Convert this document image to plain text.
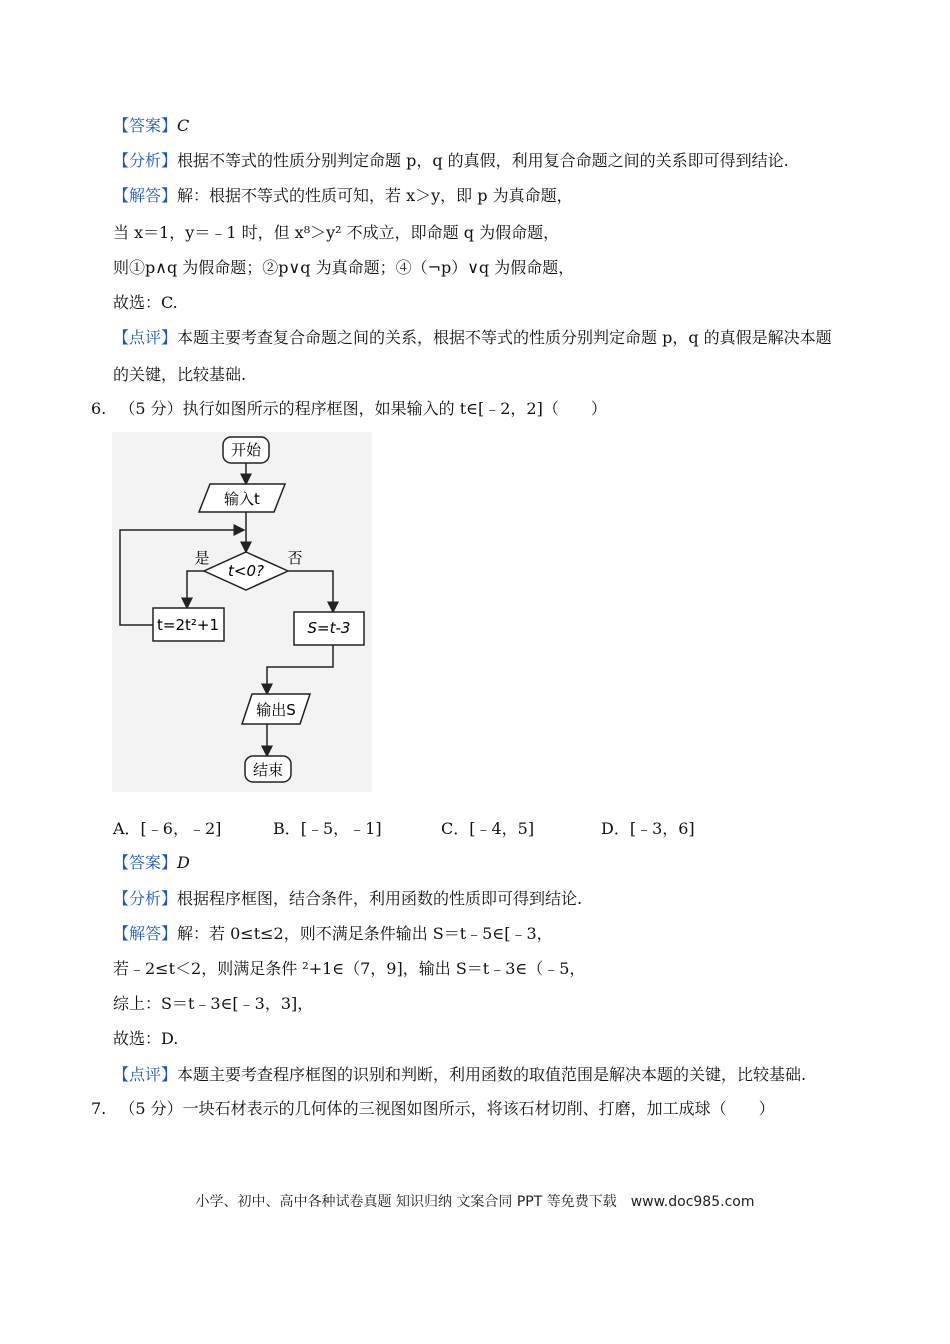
【答案】C
【分析】根据不等式的性质分别判定命题 p，q 的真假，利用复合命题之间的关系即可得到结论.
【解答】解：根据不等式的性质可知，若 x＞y，即 p 为真命题，
当 x＝1，y＝﹣1 时，但 x⁸＞y² 不成立，即命题 q 为假命题，
则①p∧q 为假命题；②p∨q 为真命题；④（¬p）∨q 为假命题，
故选：C.
【点评】本题主要考查复合命题之间的关系，根据不等式的性质分别判定命题 p，q 的真假是解决本题
的关键，比较基础.
6. （5 分）执行如图所示的程序框图，如果输入的 t∈[﹣2，2]（　　）
开始
输入t
t<0?
是	否
t=2t²+1	S=t-3
输出S
结束
A．[﹣6，﹣2]	B．[﹣5，﹣1]	C．[﹣4，5]	D．[﹣3，6]
【答案】D
【分析】根据程序框图，结合条件，利用函数的性质即可得到结论.
【解答】解：若 0≤t≤2，则不满足条件输出 S＝t﹣5∈[﹣3，
若﹣2≤t＜2，则满足条件 ²+1∈（7，9]，输出 S＝t﹣3∈（﹣5，
综上：S＝t﹣3∈[﹣3，3]，
故选：D.
【点评】本题主要考查程序框图的识别和判断，利用函数的取值范围是解决本题的关键，比较基础.
7. （5 分）一块石材表示的几何体的三视图如图所示，将该石材切削、打磨，加工成球（　　）
小学、初中、高中各种试卷真题 知识归纳 文案合同 PPT 等免费下载　www.doc985.com
